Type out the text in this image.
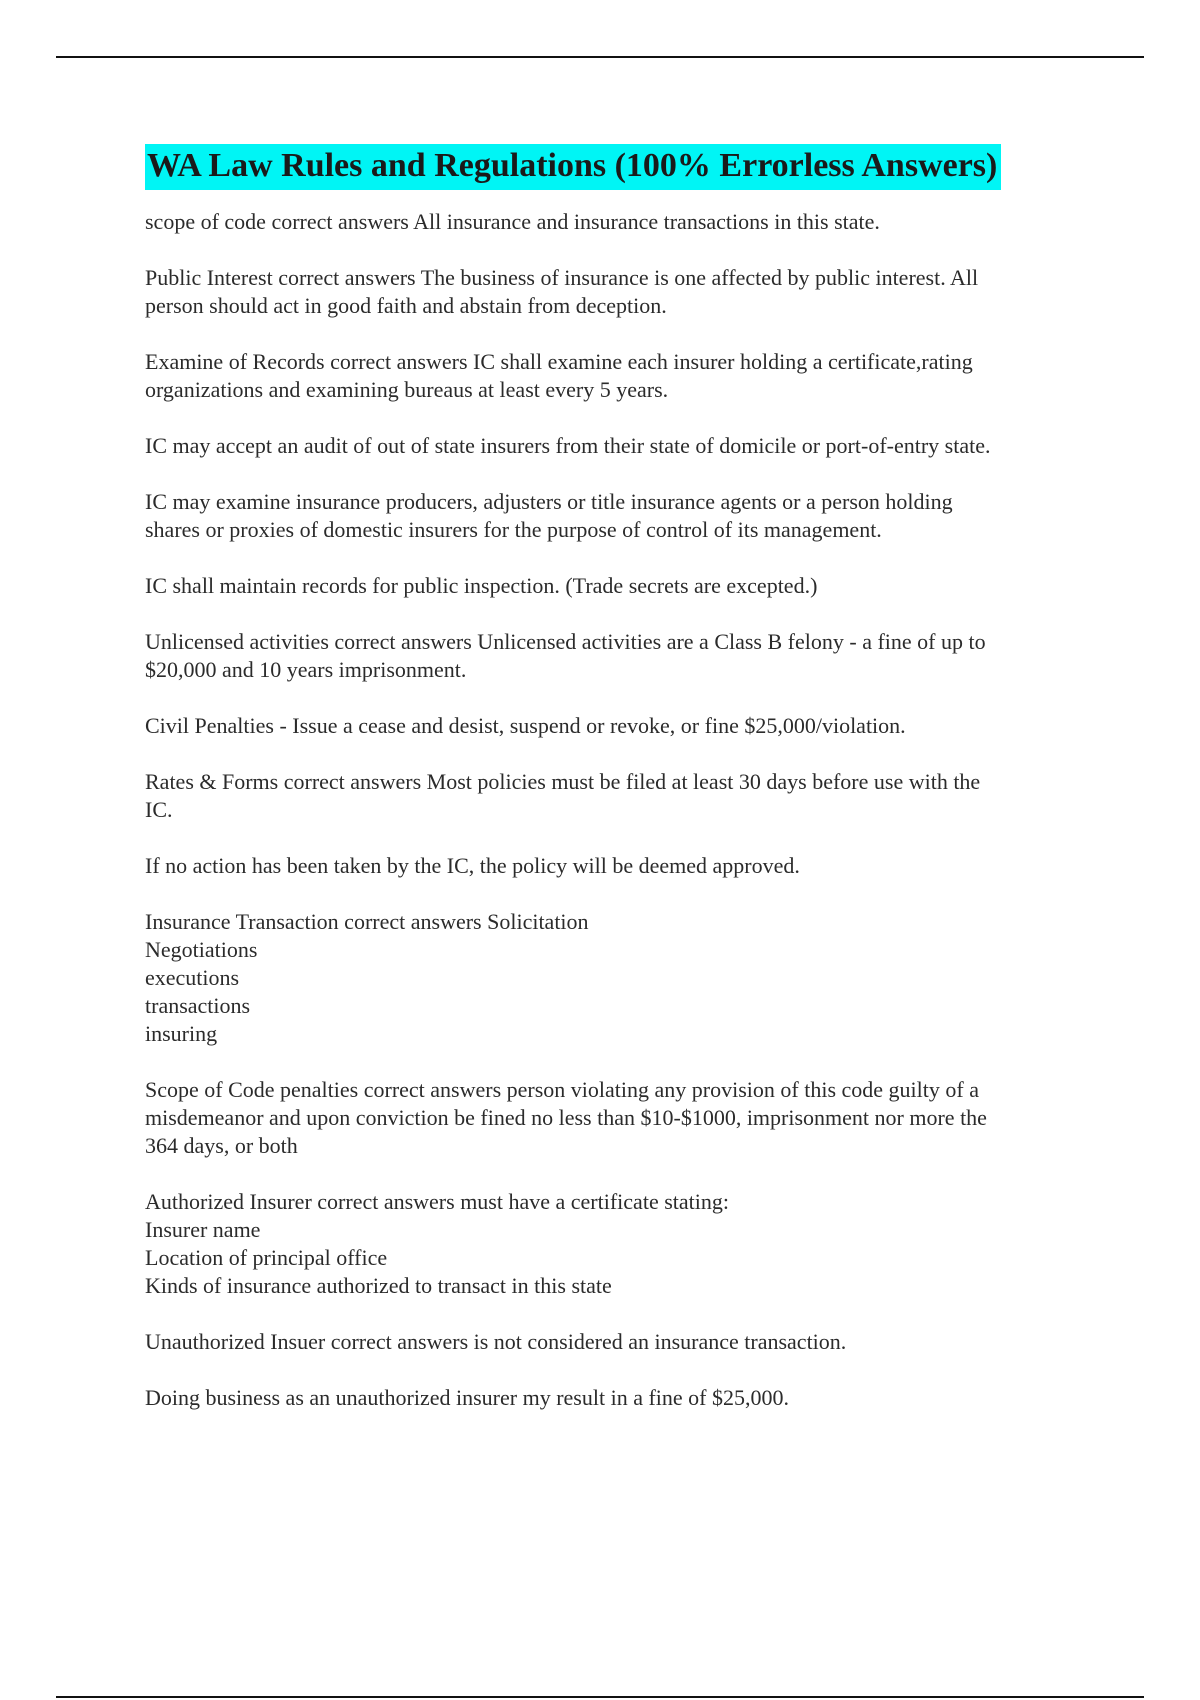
WA Law Rules and Regulations (100% Errorless Answers)
scope of code correct answers All insurance and insurance transactions in this state.
Public Interest correct answers The business of insurance is one affected by public interest. All
person should act in good faith and abstain from deception.
Examine of Records correct answers IC shall examine each insurer holding a certificate,rating
organizations and examining bureaus at least every 5 years.
IC may accept an audit of out of state insurers from their state of domicile or port-of-entry state.
IC may examine insurance producers, adjusters or title insurance agents or a person holding
shares or proxies of domestic insurers for the purpose of control of its management.
IC shall maintain records for public inspection. (Trade secrets are excepted.)
Unlicensed activities correct answers Unlicensed activities are a Class B felony - a fine of up to
$20,000 and 10 years imprisonment.
Civil Penalties - Issue a cease and desist, suspend or revoke, or fine $25,000/violation.
Rates & Forms correct answers Most policies must be filed at least 30 days before use with the
IC.
If no action has been taken by the IC, the policy will be deemed approved.
Insurance Transaction correct answers Solicitation
Negotiations
executions
transactions
insuring
Scope of Code penalties correct answers person violating any provision of this code guilty of a
misdemeanor and upon conviction be fined no less than $10-$1000, imprisonment nor more the
364 days, or both
Authorized Insurer correct answers must have a certificate stating:
Insurer name
Location of principal office
Kinds of insurance authorized to transact in this state
Unauthorized Insuer correct answers is not considered an insurance transaction.
Doing business as an unauthorized insurer my result in a fine of $25,000.
